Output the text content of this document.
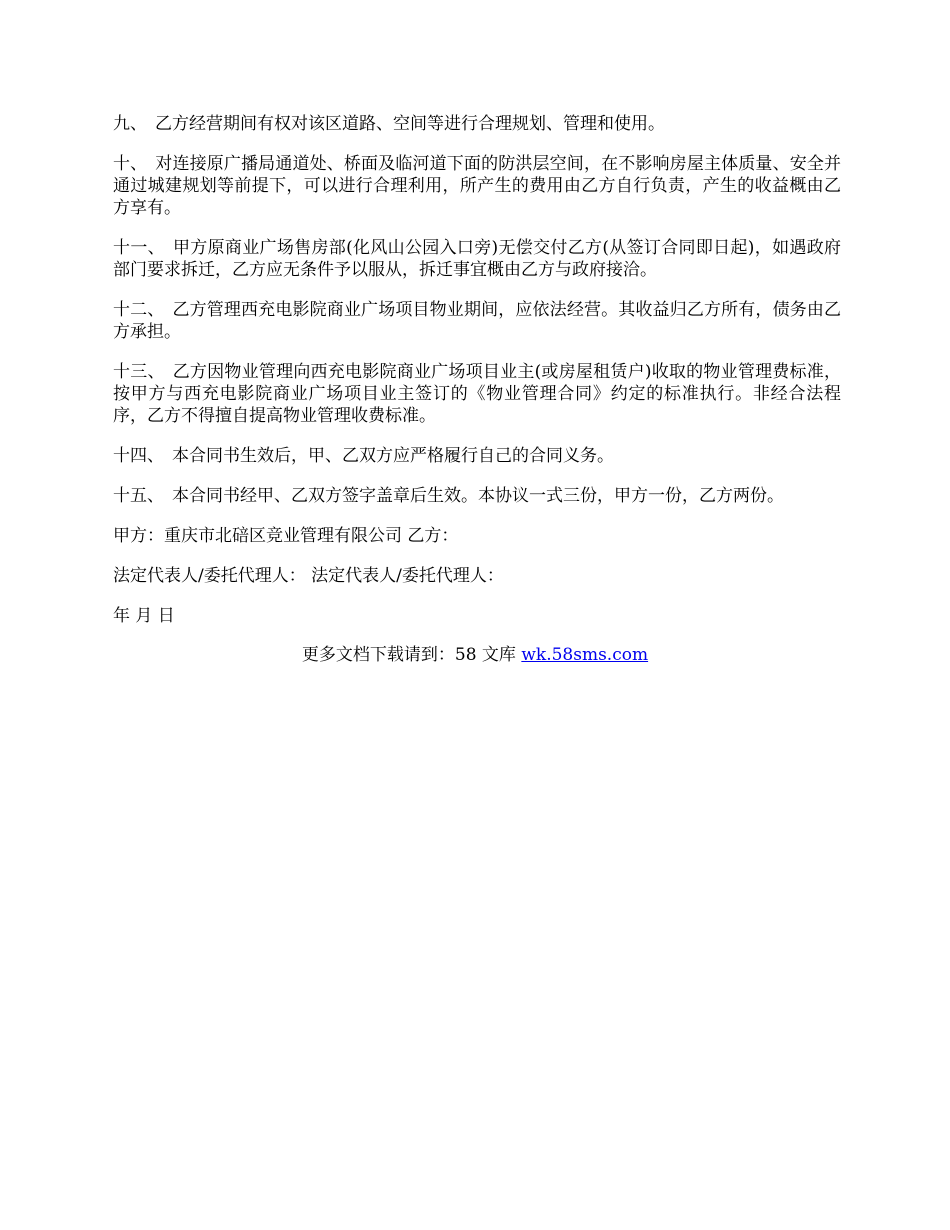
九、 乙方经营期间有权对该区道路、空间等进行合理规划、管理和使用。

十、 对连接原广播局通道处、桥面及临河道下面的防洪层空间，在不影响房屋主体质量、安全并通过城建规划等前提下，可以进行合理利用，所产生的费用由乙方自行负责，产生的收益概由乙方享有。

十一、 甲方原商业广场售房部(化风山公园入口旁)无偿交付乙方(从签订合同即日起)，如遇政府部门要求拆迁，乙方应无条件予以服从，拆迁事宜概由乙方与政府接洽。

十二、 乙方管理西充电影院商业广场项目物业期间，应依法经营。其收益归乙方所有，债务由乙方承担。

十三、 乙方因物业管理向西充电影院商业广场项目业主(或房屋租赁户)收取的物业管理费标准，按甲方与西充电影院商业广场项目业主签订的《物业管理合同》约定的标准执行。非经合法程序，乙方不得擅自提高物业管理收费标准。

十四、 本合同书生效后，甲、乙双方应严格履行自己的合同义务。

十五、 本合同书经甲、乙双方签字盖章后生效。本协议一式三份，甲方一份，乙方两份。

甲方：重庆市北碚区竞业管理有限公司 乙方：

法定代表人/委托代理人： 法定代表人/委托代理人：

年 月 日

更多文档下载请到：58 文库 wk.58sms.com
